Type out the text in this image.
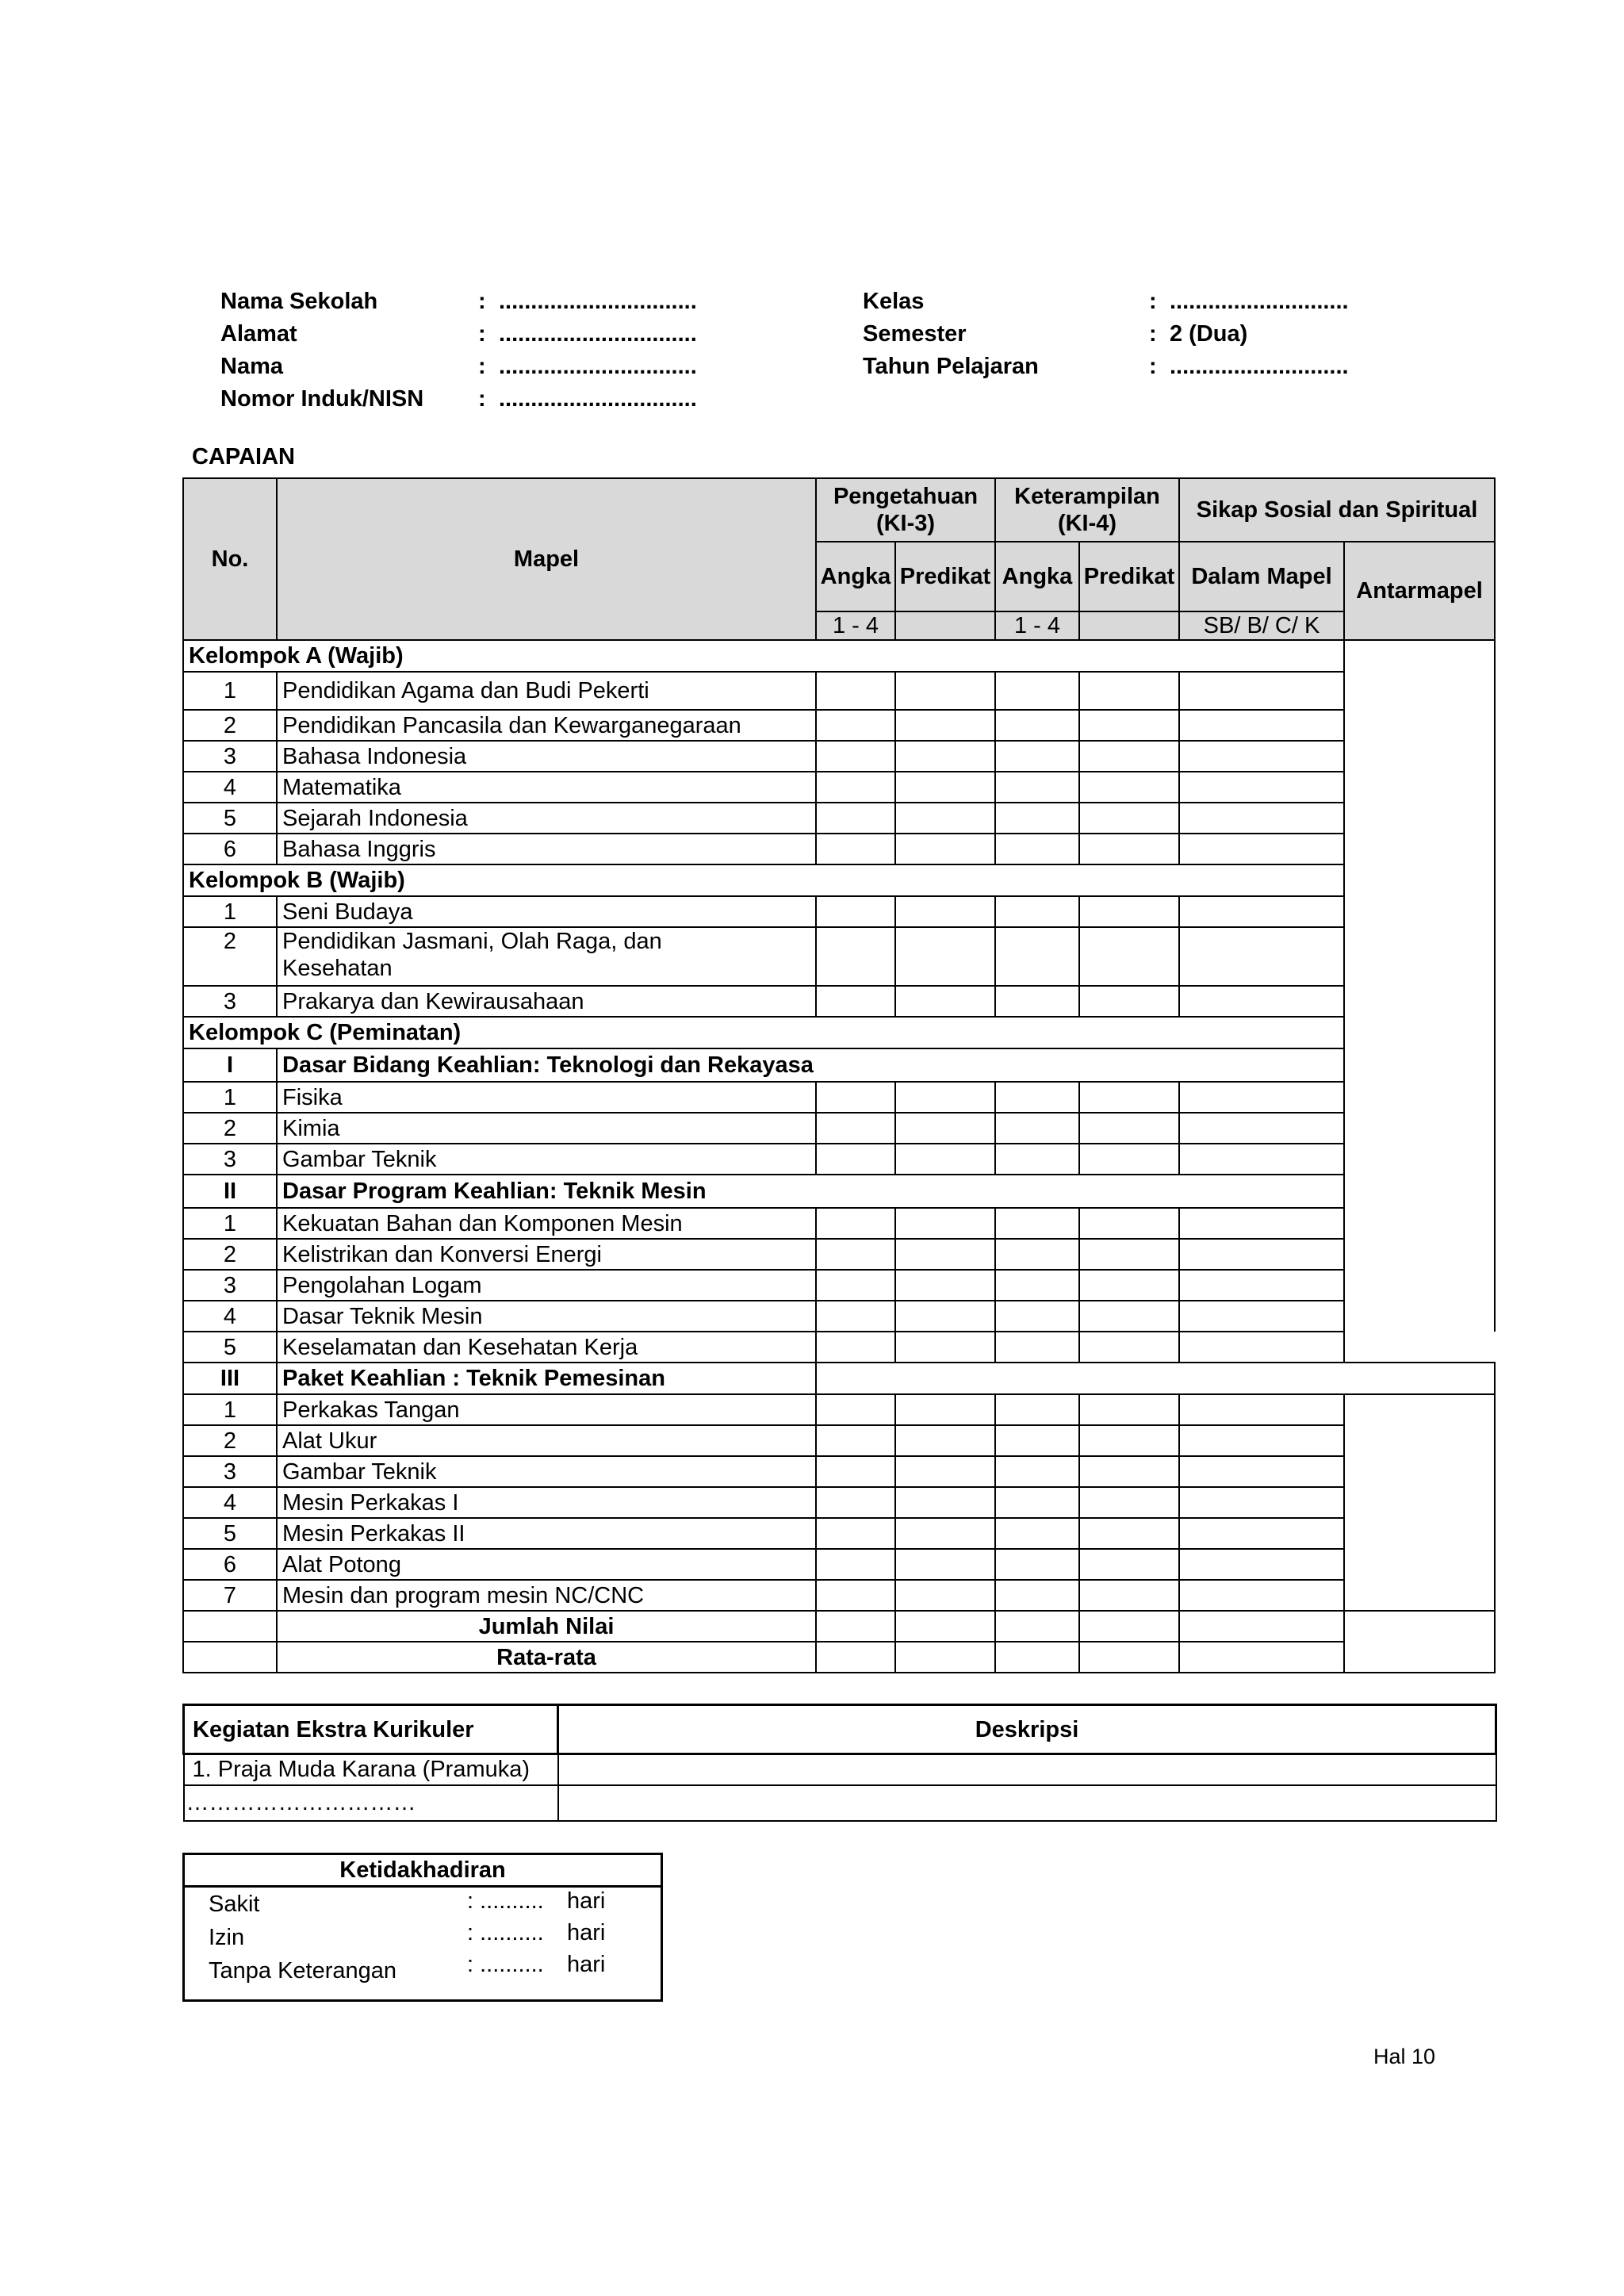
Nama Sekolah	: ...............................
Alamat	: ...............................
Nama	: ...............................
Nomor Induk/NISN : ...............................
Kelas	: ............................
Semester	: 2 (Dua)
Tahun Pelajaran	: ............................
CAPAIAN
No.	Mapel	Pengetahuan (KI-3)		Keterampilan (KI-4)		Sikap Sosial dan Spiritual	
		Angka	Predikat	Angka	Predikat	Dalam Mapel	Antarmapel
		1 - 4		1 - 4		SB/ B/ C/ K	
Kelompok A (Wajib)							
1	Pendidikan Agama dan Budi Pekerti						
2	Pendidikan Pancasila dan Kewarganegaraan						
3	Bahasa Indonesia						
4	Matematika						
5	Sejarah Indonesia						
6	Bahasa Inggris						
Kelompok B (Wajib)							
1	Seni Budaya						
2	Pendidikan Jasmani, Olah Raga, dan Kesehatan						
3	Prakarya dan Kewirausahaan						
Kelompok C (Peminatan)							
I	Dasar Bidang Keahlian: Teknologi dan Rekayasa						
1	Fisika						
2	Kimia						
3	Gambar Teknik						
II	Dasar Program Keahlian: Teknik Mesin						
1	Kekuatan Bahan dan Komponen Mesin						
2	Kelistrikan dan Konversi Energi						
3	Pengolahan Logam						
4	Dasar Teknik Mesin						
5	Keselamatan dan Kesehatan Kerja						
III	Paket Keahlian : Teknik Pemesinan						
1	Perkakas Tangan						
2	Alat Ukur						
3	Gambar Teknik						
4	Mesin Perkakas I						
5	Mesin Perkakas II						
6	Alat Potong						
7	Mesin dan program mesin NC/CNC						
	Jumlah Nilai						
	Rata-rata						
Kegiatan Ekstra Kurikuler	Deskripsi
1. Praja Muda Karana (Pramuka)	
…………………………	
Ketidakhadiran
Sakit	: .......... hari
Izin	: .......... hari
Tanpa Keterangan	: .......... hari
Hal 10
